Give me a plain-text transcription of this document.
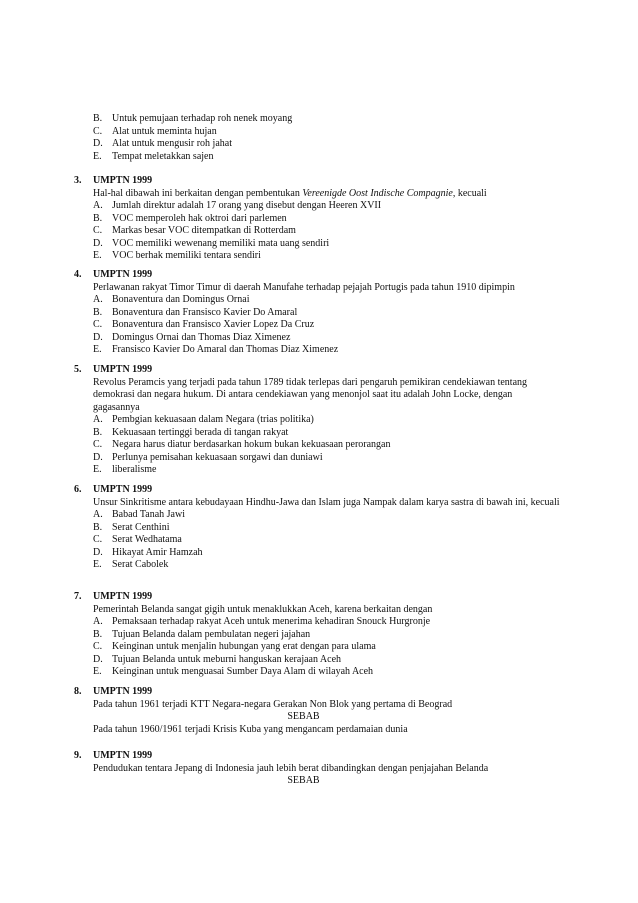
B. Untuk pemujaan terhadap roh nenek moyang
C. Alat untuk meminta hujan
D. Alat untuk mengusir roh jahat
E.	Tempat meletakkan sajen
3.	UMPTN 1999
Hal-hal dibawah ini berkaitan dengan pembentukan Vereenigde Oost Indische Compagnie, kecuali
A. Jumlah direktur adalah 17 orang yang disebut dengan Heeren XVII
B. VOC memperoleh hak oktroi dari parlemen
C. Markas besar VOC ditempatkan di Rotterdam
D. VOC memiliki wewenang memiliki mata uang sendiri
E.	VOC berhak memiliki tentara sendiri
4.	UMPTN 1999
Perlawanan rakyat Timor Timur di daerah Manufahe terhadap pejajah Portugis pada tahun 1910 dipimpin
A. Bonaventura dan Domingus Ornai
B. Bonaventura dan Fransisco Kavier Do Amaral
C. Bonaventura dan Fransisco Xavier Lopez Da Cruz
D. Domingus Ornai dan Thomas Diaz Ximenez
E.	Fransisco Kavier Do Amaral dan Thomas Diaz Ximenez
5.	UMPTN 1999
Revolus Peramcis yang terjadi pada tahun 1789 tidak terlepas dari pengaruh pemikiran cendekiawan tentang demokrasi dan negara hukum. Di antara cendekiawan yang menonjol saat itu adalah John Locke, dengan gagasannya
A. Pembgian kekuasaan dalam Negara (trias politika)
B. Kekuasaan tertinggi berada di tangan rakyat
C. Negara harus diatur berdasarkan hokum bukan kekuasaan perorangan
D. Perlunya pemisahan kekuasaan sorgawi dan duniawi
E.	liberalisme
6.	UMPTN 1999
Unsur Sinkritisme antara kebudayaan Hindhu-Jawa dan Islam juga Nampak dalam karya sastra di bawah ini, kecuali
A. Babad Tanah Jawi
B. Serat Centhini
C. Serat Wedhatama
D. Hikayat Amir Hamzah
E.	Serat Cabolek
7.	UMPTN 1999
Pemerintah Belanda sangat gigih untuk menaklukkan Aceh, karena berkaitan dengan
A. Pemaksaan terhadap rakyat Aceh untuk menerima kehadiran Snouck Hurgronje
B. Tujuan Belanda dalam pembulatan negeri jajahan
C. Keinginan untuk menjalin hubungan yang erat dengan para ulama
D. Tujuan Belanda untuk meburni hanguskan kerajaan Aceh
E.	Keinginan untuk menguasai Sumber Daya Alam di wilayah Aceh
8.	UMPTN 1999
Pada tahun 1961 terjadi KTT Negara-negara Gerakan Non Blok yang pertama di Beograd
SEBAB
Pada tahun 1960/1961 terjadi Krisis Kuba yang mengancam perdamaian dunia
9.	UMPTN 1999
Pendudukan tentara Jepang di Indonesia jauh lebih berat dibandingkan dengan penjajahan Belanda
SEBAB
